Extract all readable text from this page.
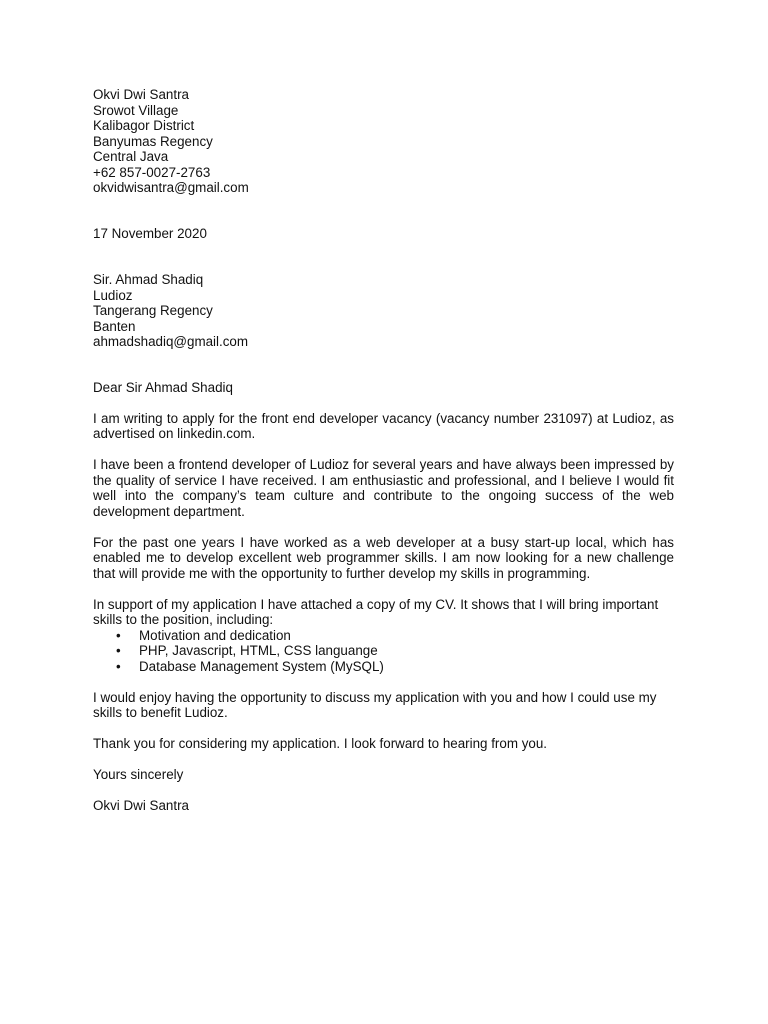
Okvi Dwi Santra
Srowot Village
Kalibagor District
Banyumas Regency
Central Java
+62 857-0027-2763
okvidwisantra@gmail.com
17 November 2020
Sir. Ahmad Shadiq
Ludioz
Tangerang Regency
Banten
ahmadshadiq@gmail.com

Dear Sir Ahmad Shadiq

I am writing to apply for the front end developer vacancy (vacancy number 231097) at Ludioz, as advertised on linkedin.com.

I have been a frontend developer of Ludioz for several years and have always been impressed by the quality of service I have received. I am enthusiastic and professional, and I believe I would fit well into the company’s team culture and contribute to the ongoing success of the web development department.

For the past one years I have worked as a web developer at a busy start-up local, which has enabled me to develop excellent web programmer skills. I am now looking for a new challenge that will provide me with the opportunity to further develop my skills in programming.

In support of my application I have attached a copy of my CV. It shows that I will bring important skills to the position, including:

• Motivation and dedication
• PHP, Javascript, HTML, CSS languange
• Database Management System (MySQL)

I would enjoy having the opportunity to discuss my application with you and how I could use my skills to benefit Ludioz.

Thank you for considering my application. I look forward to hearing from you.

Yours sincerely

Okvi Dwi Santra
